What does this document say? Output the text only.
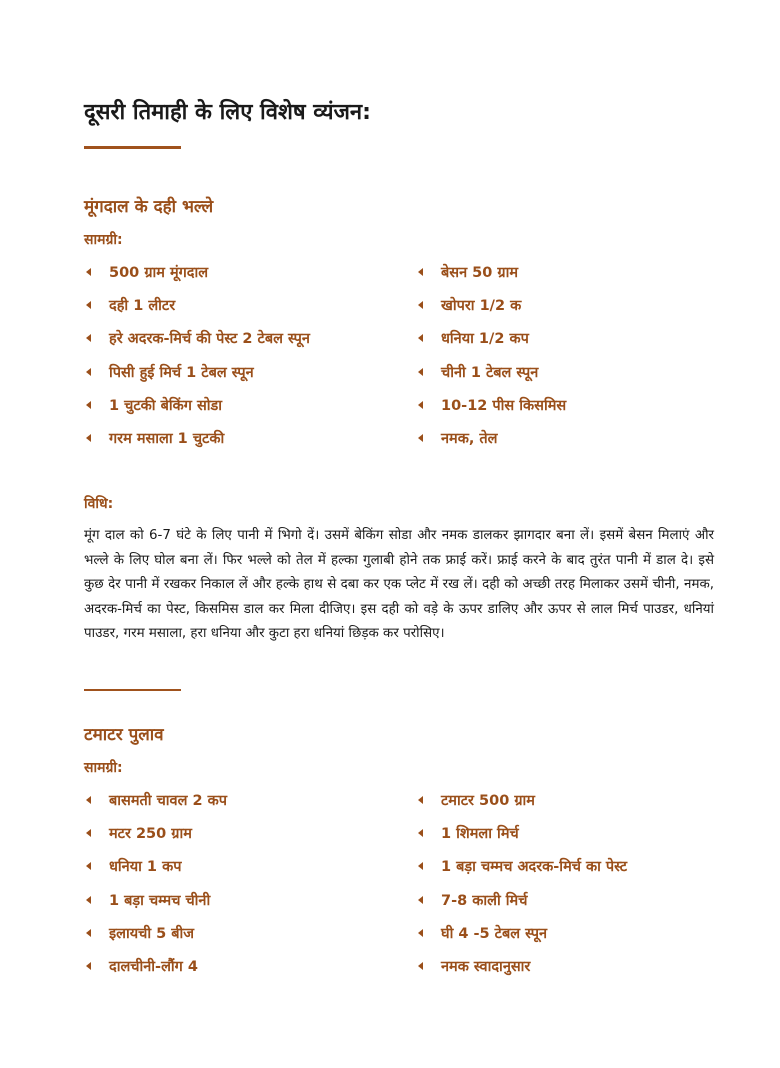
दूसरी तिमाही के लिए विशेष व्यंजन:
मूंगदाल के दही भल्ले
सामग्री:
500 ग्राम मूंगदाल
दही 1 लीटर
हरे अदरक-मिर्च की पेस्ट 2 टेबल स्पून
पिसी हुई मिर्च 1 टेबल स्पून
1 चुटकी बेकिंग सोडा
गरम मसाला 1 चुटकी
बेसन 50 ग्राम
खोपरा 1/2 क
धनिया 1/2 कप
चीनी 1 टेबल स्पून
10-12 पीस किसमिस
नमक, तेल
विधि:

मूंग दाल को 6-7 घंटे के लिए पानी में भिगो दें। उसमें बेकिंग सोडा और नमक डालकर झागदार बना लें। इसमें बेसन मिलाएं और भल्ले के लिए घोल बना लें। फिर भल्ले को तेल में हल्का गुलाबी होने तक फ्राई करें। फ्राई करने के बाद तुरंत पानी में डाल दे। इसे कुछ देर पानी में रखकर निकाल लें और हल्के हाथ से दबा कर एक प्लेट में रख लें। दही को अच्छी तरह मिलाकर उसमें चीनी, नमक, अदरक-मिर्च का पेस्ट, किसमिस डाल कर मिला दीजिए। इस दही को वड़े के ऊपर डालिए और ऊपर से लाल मिर्च पाउडर, धनियां पाउडर, गरम मसाला, हरा धनिया और कुटा हरा धनियां छिड़क कर परोसिए।

टमाटर पुलाव
सामग्री:
बासमती चावल 2 कप
मटर 250 ग्राम
धनिया 1 कप
1 बड़ा चम्मच चीनी
इलायची 5 बीज
दालचीनी-लौंग 4
टमाटर 500 ग्राम
1 शिमला मिर्च
1 बड़ा चम्मच अदरक-मिर्च का पेस्ट
7-8 काली मिर्च
घी 4 -5 टेबल स्पून
नमक स्वादानुसार
